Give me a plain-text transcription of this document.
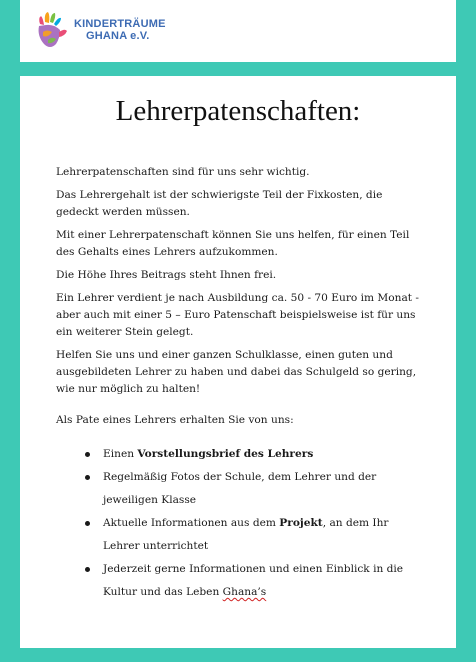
KINDERTRÄUME
GHANA e.V.
Lehrerpatenschaften:

Lehrerpatenschaften sind für uns sehr wichtig.

Das Lehrergehalt ist der schwierigste Teil der Fixkosten, die gedeckt werden müssen.

Mit einer Lehrerpatenschaft können Sie uns helfen, für einen Teil des Gehalts eines Lehrers aufzukommen.

Die Höhe Ihres Beitrags steht Ihnen frei.

Ein Lehrer verdient je nach Ausbildung ca. 50 - 70 Euro im Monat - aber auch mit einer 5 – Euro Patenschaft beispielsweise ist für uns ein weiterer Stein gelegt.

Helfen Sie uns und einer ganzen Schulklasse, einen guten und ausgebildeten Lehrer zu haben und dabei das Schulgeld so gering, wie nur möglich zu halten!

Als Pate eines Lehrers erhalten Sie von uns:

Einen Vorstellungsbrief des Lehrers
Regelmäßig Fotos der Schule, dem Lehrer und der jeweiligen Klasse
Aktuelle Informationen aus dem Projekt, an dem Ihr Lehrer unterrichtet
Jederzeit gerne Informationen und einen Einblick in die Kultur und das Leben Ghana’s
